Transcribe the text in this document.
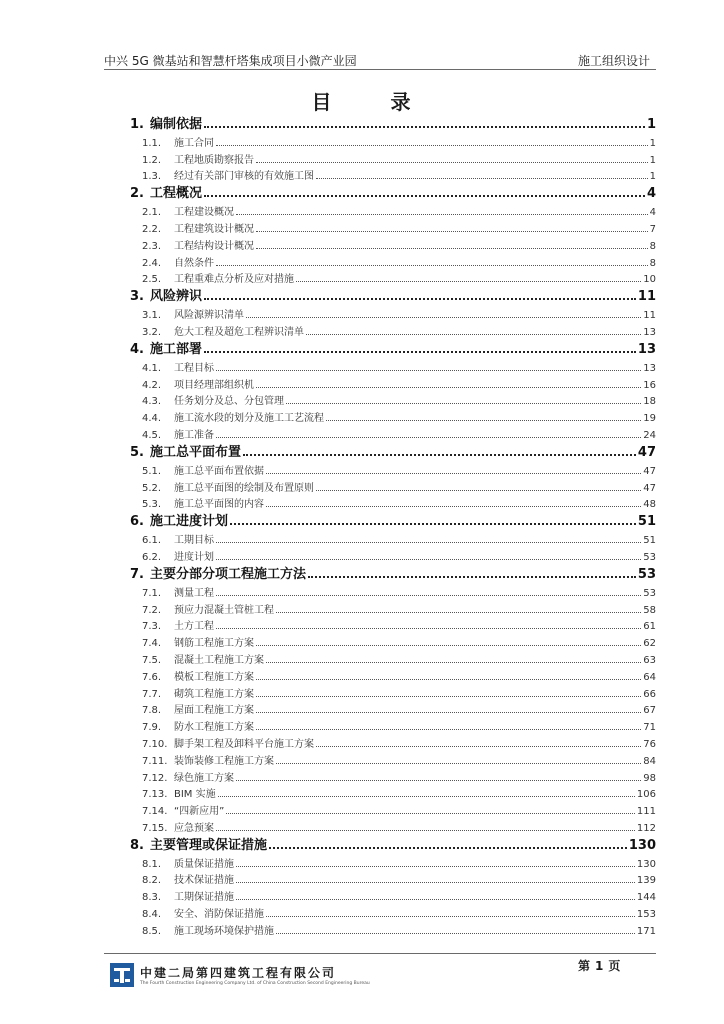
中兴 5G 微基站和智慧杆塔集成项目小微产业园	施工组织设计
目	录
1. 编制依据	1
1.1.	施工合同	1
1.2.	工程地质勘察报告	1
1.3.	经过有关部门审核的有效施工图	1
2. 工程概况	4
2.1.	工程建设概况	4
2.2.	工程建筑设计概况	7
2.3.	工程结构设计概况	8
2.4.	自然条件	8
2.5.	工程重难点分析及应对措施	10
3. 风险辨识	11
3.1.	风险源辨识清单	11
3.2.	危大工程及超危工程辨识清单	13
4. 施工部署	13
4.1.	工程目标	13
4.2.	项目经理部组织机	16
4.3.	任务划分及总、分包管理	18
4.4.	施工流水段的划分及施工工艺流程	19
4.5.	施工准备	24
5. 施工总平面布置	47
5.1.	施工总平面布置依据	47
5.2.	施工总平面图的绘制及布置原则	47
5.3.	施工总平面图的内容	48
6. 施工进度计划	51
6.1.	工期目标	51
6.2.	进度计划	53
7. 主要分部分项工程施工方法	53
7.1.	测量工程	53
7.2.	预应力混凝土管桩工程	58
7.3.	土方工程	61
7.4.	钢筋工程施工方案	62
7.5.	混凝土工程施工方案	63
7.6.	模板工程施工方案	64
7.7.	砌筑工程施工方案	66
7.8.	屋面工程施工方案	67
7.9.	防水工程施工方案	71
7.10. 脚手架工程及卸料平台施工方案	76
7.11. 装饰装修工程施工方案	84
7.12. 绿色施工方案	98
7.13. BIM 实施	106
7.14. “四新应用”	111
7.15. 应急预案	112
8. 主要管理或保证措施	130
8.1.	质量保证措施	130
8.2.	技术保证措施	139
8.3.	工期保证措施	144
8.4.	安全、消防保证措施	153
8.5.	施工现场环境保护措施	171
第 1 页
中建二局第四建筑工程有限公司
The Fourth Construction Engineering Company Ltd. of China Construction Second Engineering Bureau
